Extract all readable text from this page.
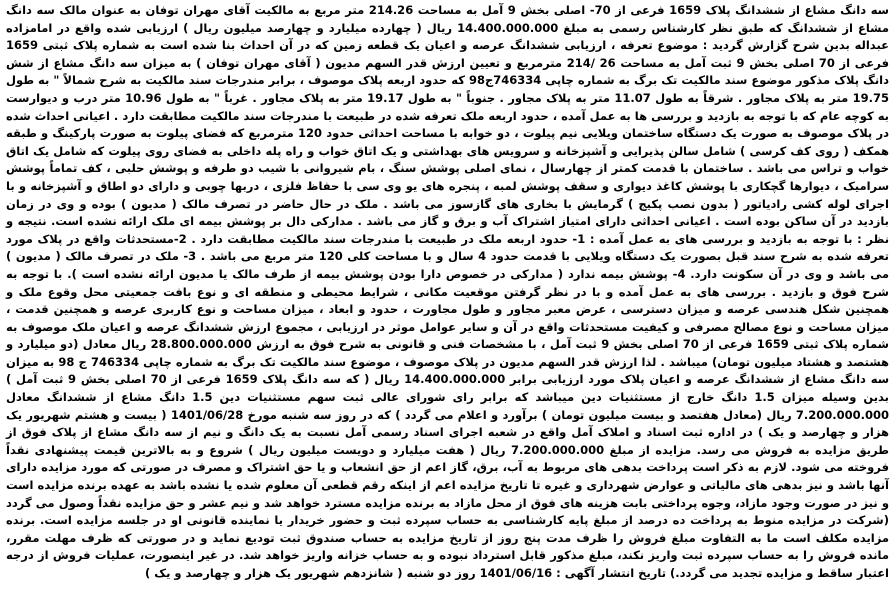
سه دانگ مشاع از ششدانگ پلاک 1659 فرعی از 70- اصلی بخش 9 آمل به مساحت 214.26 متر مربع به مالکیت آقای مهران توفان به عنوان مالک سه دانگ مشاع از ششدانگ که طبق نظر کارشناس رسمی به مبلغ 14.400.000.000 ریال ( چهارده میلیارد و چهارصد میلیون ریال ) ارزیابی شده واقع در امامزاده عبداله بدین شرح گزارش گردید : موضوع تعرفه ، ارزیابی ششدانگ عرصه و اعیان یک قطعه زمین که در آن احداث بنا شده است به شماره پلاک ثبتی 1659 فرعی از 70 اصلی بخش 9 ثبت آمل به مساحت 26 /214 مترمربع و تعیین ارزش قدر السهم مدیون ( آقای مهران توفان ) به میزان سه دانگ مشاع از شش دانگ پلاک مذکور موضوع سند مالکیت تک برگ به شماره چاپی 746334ج98 که حدود اربعه پلاک موصوف ، برابر مندرجات سند مالکیت به شرح شمالاً " به طول 19.75 متر به پلاک مجاور . شرقاً به طول 11.07 متر به پلاک مجاور . جنوباً " به طول 19.17 متر به پلاک مجاور . غرباً " به طول 10.96 متر درب و دیوارست به کوچه عام که با توجه به بازدید و بررسی ها به عمل آمده ، حدود اربعه ملک تعرفه شده در طبیعت با مندرجات سند مالکیت مطابقت دارد . اعیانی احداث شده در پلاک موصوف به صورت یک دستگاه ساختمان ویلایی نیم پیلوت ، دو خوابه با مساحت احداثی حدود 120 مترمربع که فضای پیلوت به صورت پارکینگ و طبقه همکف ( روی کف کرسی ) شامل سالن پذیرایی و آشپزخانه و سرویس های بهداشتی و یک اتاق خواب و راه پله داخلی به فضای روی پیلوت که شامل یک اتاق خواب و تراس می باشد . ساختمان با قدمت کمتر از چهارسال ، نمای اصلی پوشش سنگ ، بام شیروانی با شیب دو طرفه و پوشش حلبی ، کف تماماً پوشش سرامیک ، دیوارها گچکاری با پوشش کاغذ دیواری و سقف پوشش لمبه ، پنجره های یو وی سی با حفاظ فلزی ، دربها چوبی و دارای دو اطاق و آشپزخانه و با اجرای لوله کشی رادیاتور ( بدون نصب پکیج ) گرمایش با بخاری های گازسوز می باشد . ملک در حال حاضر در تصرف مالک ( مدیون ) بوده و وی در زمان بازدید در آن ساکن بوده است . اعیانی احداثی دارای امتیاز اشتراک آب و برق و گاز می باشد . مدارکی دال بر پوشش بیمه ای ملک ارائه نشده است. نتیجه و نظر : با توجه به بازدید و بررسی های به عمل آمده : 1- حدود اربعه ملک در طبیعت با مندرجات سند مالکیت مطابقت دارد . 2-مستحدثات واقع در پلاک مورد تعرفه شده به شرح سند قبل بصورت یک دستگاه ویلایی با قدمت حدود 4 سال و با مساحت کلی 120 متر مربع می باشد . 3- ملک در تصرف مالک ( مدیون ) می باشد و وی در آن سکونت دارد. 4- پوشش بیمه ندارد ( مدارکی در خصوص دارا بودن پوشش بیمه از طرف مالک یا مدیون ارائه نشده است ). با توجه به شرح فوق و بازدید . بررسی های به عمل آمده و با در نظر گرفتن موقعیت مکانی ، شرایط محیطی و منطقه ای و نوع بافت جمعیتی محل وقوع ملک و همچنین شکل هندسی عرصه و میزان دسترسی ، عرض معبر مجاور و طول مجاورت ، حدود و ابعاد ، میزان مساحت و نوع کاربری عرصه و همچنین قدمت ، میزان مساحت و نوع مصالح مصرفی و کیفیت مستحدثات واقع در آن و سایر عوامل موثر در ارزیابی ، مجموع ارزش ششدانگ عرصه و اعیان ملک موصوف به شماره پلاک ثبتی 1659 فرعی از 70 اصلی بخش 9 ثبت آمل ، با مشخصات فنی و قانونی به شرح فوق به ارزش 28.800.000.000 ریال معادل (دو میلیارد و هشتصد و هشتاد میلیون تومان) میباشد . لذا ارزش قدر السهم مدیون در پلاک موصوف ، موضوع سند مالکیت تک برگ به شماره چاپی 746334 ج 98 به میزان سه دانگ مشاع از ششدانگ عرصه و اعیان پلاک مورد ارزیابی برابر 14.400.000.000 ریال ( که سه دانگ پلاک 1659 فرعی از 70 اصلی بخش 9 ثبت آمل ) بدین وسیله میزان 1.5 دانگ خارج از مستثنیات دین میباشد که برابر رای شورای عالی ثبت سهم مستثنیات دین 1.5 دانگ مشاع از ششدانگ معادل 7.200.000.000 ریال (معادل هفتصد و بیست میلیون تومان ) برآورد و اعلام می گردد ) که در روز سه شنبه مورخ 1401/06/28 ( بیست و هشتم شهریور یک هزار و چهارصد و یک ) در اداره ثبت اسناد و املاک آمل واقع در شعبه اجرای اسناد رسمی آمل نسبت به یک دانگ و نیم از سه دانگ مشاع از پلاک فوق از طریق مزایده به فروش می رسد. مزایده از مبلغ 7.200.000.000 ریال ( هفت میلیارد و دویست میلیون ریال ) شروع و به بالاترین قیمت پیشنهادی نقداً فروخته می شود. لازم به ذکر است پرداخت بدهی های مربوط به آب، برق، گاز اعم از حق انشعاب و یا حق اشتراک و مصرف در صورتی که مورد مزایده دارای آنها باشد و نیز بدهی های مالیاتی و عوارض شهرداری و غیره تا تاریخ مزایده اعم از اینکه رقم قطعی آن معلوم شده یا نشده باشد به عهده برنده مزایده است و نیز در صورت وجود مازاد، وجوه پرداختی بابت هزینه های فوق از محل مازاد به برنده مزایده مسترد خواهد شد و نیم عشر و حق مزایده نقداً وصول می گردد (شرکت در مزایده منوط به پرداخت ده درصد از مبلغ پایه کارشناسی به حساب سپرده ثبت و حضور خریدار یا نماینده قانونی او در جلسه مزایده است. برنده مزایده مکلف است ما به التفاوت مبلغ فروش را ظرف مدت پنج روز از تاریخ مزایده به حساب صندوق ثبت تودیع نماید و در صورتی که ظرف مهلت مقرر، مانده فروش را به حساب سپرده ثبت واریز نکند، مبلغ مذکور قابل استرداد نبوده و به حساب خزانه واریز خواهد شد. در غیر اینصورت، عملیات فروش از درجه اعتبار ساقط و مزایده تجدید می گردد.) تاریخ انتشار آگهی : 1401/06/16 روز دو شنبه ( شانزدهم شهریور یک هزار و چهارصد و یک )
